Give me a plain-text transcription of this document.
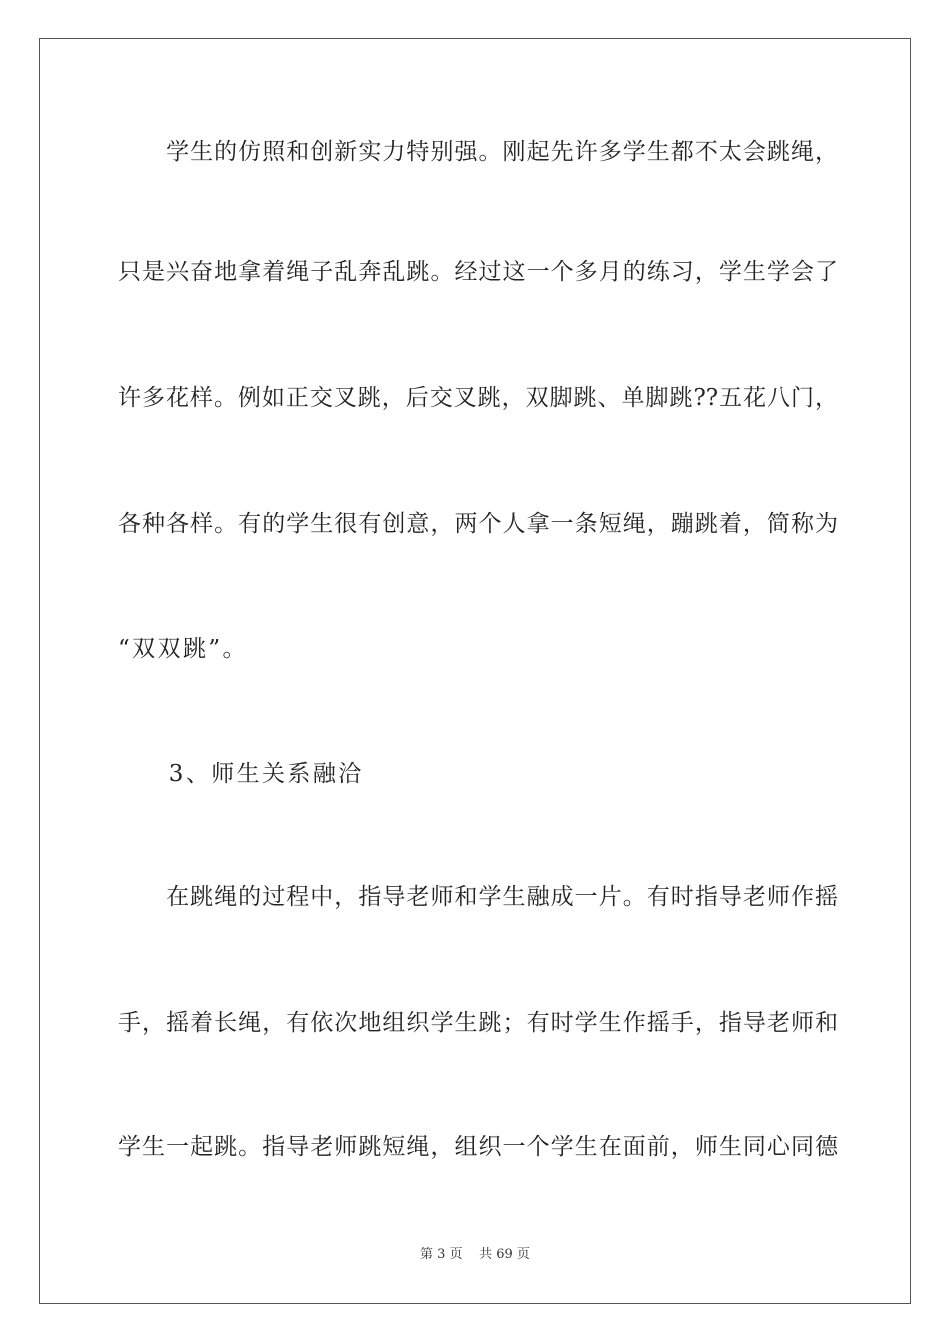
　　学生的仿照和创新实力特别强。刚起先许多学生都不太会跳绳，
只是兴奋地拿着绳子乱奔乱跳。经过这一个多月的练习，学生学会了
许多花样。例如正交叉跳，后交叉跳，双脚跳、单脚跳??五花八门，
各种各样。有的学生很有创意，两个人拿一条短绳，蹦跳着，简称为
“双双跳”。
　　3、师生关系融洽
　　在跳绳的过程中，指导老师和学生融成一片。有时指导老师作摇
手，摇着长绳，有依次地组织学生跳；有时学生作摇手，指导老师和
学生一起跳。指导老师跳短绳，组织一个学生在面前，师生同心同德
第 3 页 共 69 页
